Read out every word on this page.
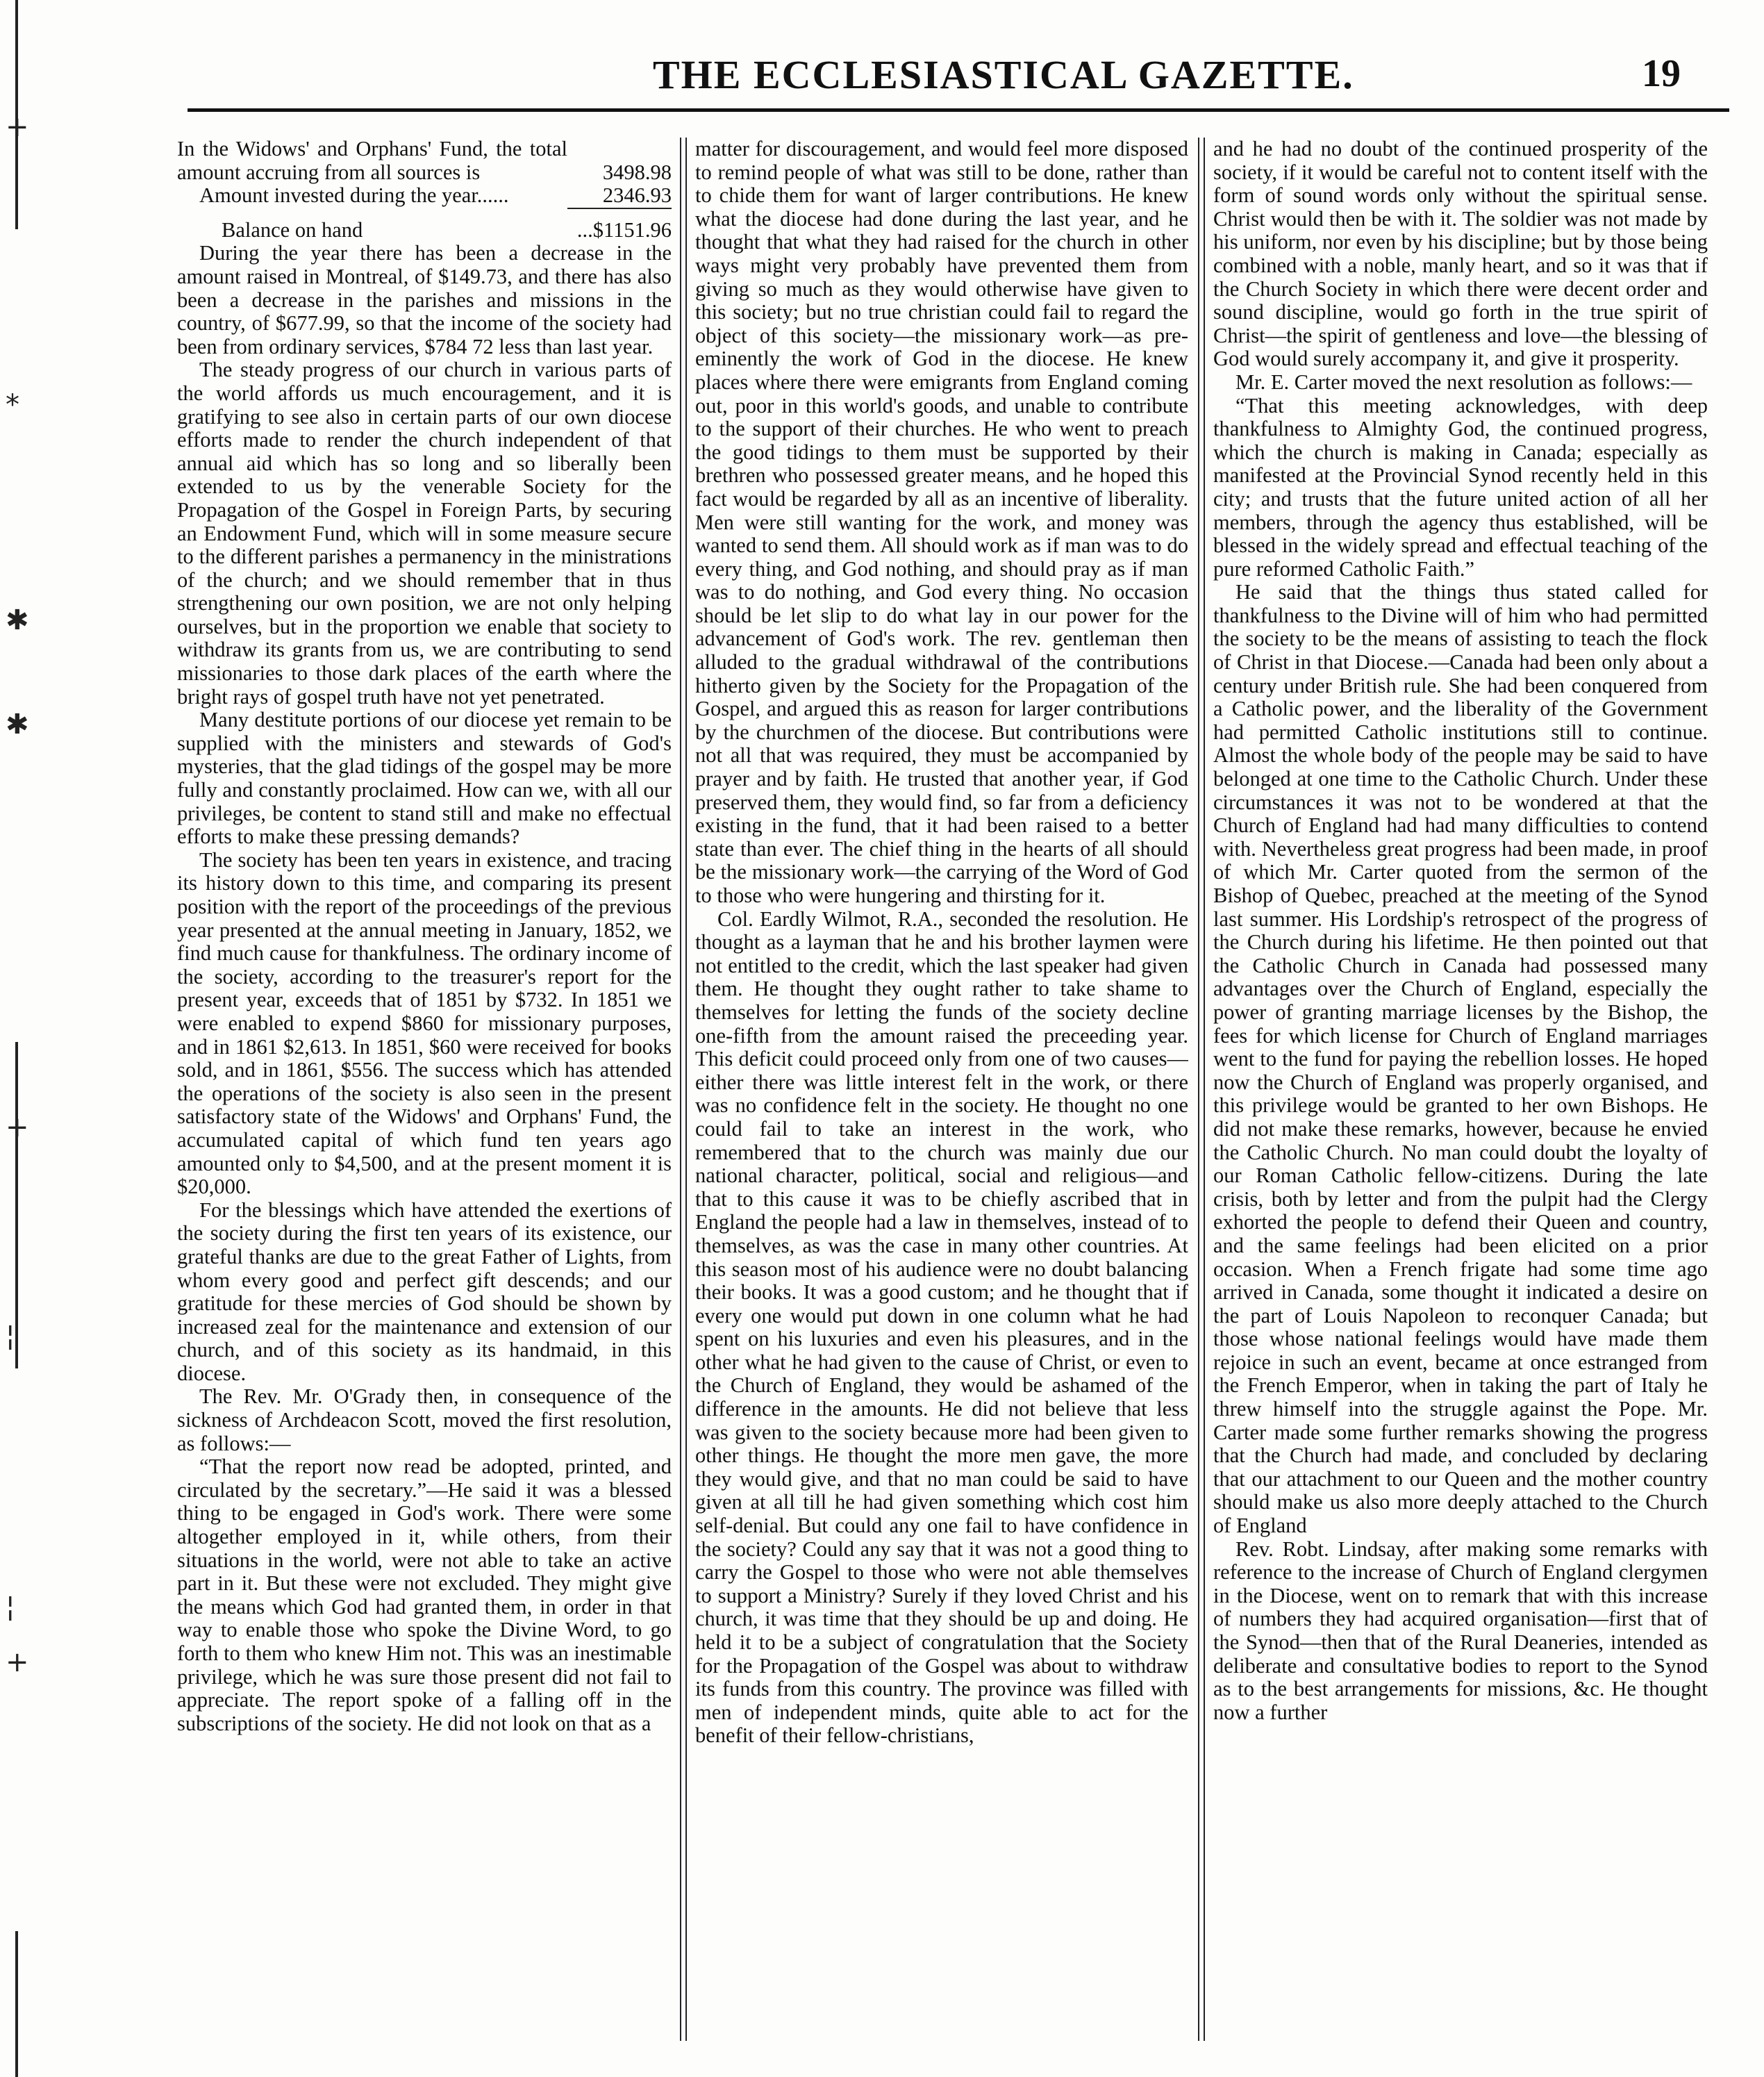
+
*
✱
✱
+
¦
¦
+
THE ECCLESIASTICAL GAZETTE.	19
In the Widows' and Orphans' Fund, the total amount accruing from all sources is	3498.98
Amount invested during the year......	2346.93

Balance on hand	...$1151.96

During the year there has been a decrease in the amount raised in Montreal, of $149.73, and there has also been a decrease in the parishes and missions in the country, of $677.99, so that the income of the society had been from ordinary services, $784 72 less than last year.

The steady progress of our church in various parts of the world affords us much encouragement, and it is gratifying to see also in certain parts of our own diocese efforts made to render the church independent of that annual aid which has so long and so liberally been extended to us by the venerable Society for the Propagation of the Gospel in Foreign Parts, by securing an Endowment Fund, which will in some measure secure to the different parishes a permanency in the ministrations of the church; and we should remember that in thus strengthening our own position, we are not only helping ourselves, but in the proportion we enable that society to withdraw its grants from us, we are contributing to send missionaries to those dark places of the earth where the bright rays of gospel truth have not yet penetrated.

Many destitute portions of our diocese yet remain to be supplied with the ministers and stewards of God's mysteries, that the glad tidings of the gospel may be more fully and constantly proclaimed. How can we, with all our privileges, be content to stand still and make no effectual efforts to make these pressing demands?

The society has been ten years in existence, and tracing its history down to this time, and comparing its present position with the report of the proceedings of the previous year presented at the annual meeting in January, 1852, we find much cause for thankfulness. The ordinary income of the society, according to the treasurer's report for the present year, exceeds that of 1851 by $732. In 1851 we were enabled to expend $860 for missionary purposes, and in 1861 $2,613. In 1851, $60 were received for books sold, and in 1861, $556. The success which has attended the operations of the society is also seen in the present satisfactory state of the Widows' and Orphans' Fund, the accumulated capital of which fund ten years ago amounted only to $4,500, and at the present moment it is $20,000.

For the blessings which have attended the exertions of the society during the first ten years of its existence, our grateful thanks are due to the great Father of Lights, from whom every good and perfect gift descends; and our gratitude for these mercies of God should be shown by increased zeal for the maintenance and extension of our church, and of this society as its handmaid, in this diocese.

The Rev. Mr. O'Grady then, in consequence of the sickness of Archdeacon Scott, moved the first resolution, as follows:—

“That the report now read be adopted, printed, and circulated by the secretary.”—He said it was a blessed thing to be engaged in God's work. There were some altogether employed in it, while others, from their situations in the world, were not able to take an active part in it. But these were not excluded. They might give the means which God had granted them, in order in that way to enable those who spoke the Divine Word, to go forth to them who knew Him not. This was an inestimable privilege, which he was sure those present did not fail to appreciate. The report spoke of a falling off in the subscriptions of the society. He did not look on that as a

matter for discouragement, and would feel more disposed to remind people of what was still to be done, rather than to chide them for want of larger contributions. He knew what the diocese had done during the last year, and he thought that what they had raised for the church in other ways might very probably have prevented them from giving so much as they would otherwise have given to this society; but no true christian could fail to regard the object of this society—the missionary work—as pre-eminently the work of God in the diocese. He knew places where there were emigrants from England coming out, poor in this world's goods, and unable to contribute to the support of their churches. He who went to preach the good tidings to them must be supported by their brethren who possessed greater means, and he hoped this fact would be regarded by all as an incentive of liberality. Men were still wanting for the work, and money was wanted to send them. All should work as if man was to do every thing, and God nothing, and should pray as if man was to do nothing, and God every thing. No occasion should be let slip to do what lay in our power for the advancement of God's work. The rev. gentleman then alluded to the gradual withdrawal of the contributions hitherto given by the Society for the Propagation of the Gospel, and argued this as reason for larger contributions by the churchmen of the diocese. But contributions were not all that was required, they must be accompanied by prayer and by faith. He trusted that another year, if God preserved them, they would find, so far from a deficiency existing in the fund, that it had been raised to a better state than ever. The chief thing in the hearts of all should be the missionary work—the carrying of the Word of God to those who were hungering and thirsting for it.

Col. Eardly Wilmot, R.A., seconded the resolution. He thought as a layman that he and his brother laymen were not entitled to the credit, which the last speaker had given them. He thought they ought rather to take shame to themselves for letting the funds of the society decline one-fifth from the amount raised the preceeding year. This deficit could proceed only from one of two causes—either there was little interest felt in the work, or there was no confidence felt in the society. He thought no one could fail to take an interest in the work, who remembered that to the church was mainly due our national character, political, social and religious—and that to this cause it was to be chiefly ascribed that in England the people had a law in themselves, instead of to themselves, as was the case in many other countries. At this season most of his audience were no doubt balancing their books. It was a good custom; and he thought that if every one would put down in one column what he had spent on his luxuries and even his pleasures, and in the other what he had given to the cause of Christ, or even to the Church of England, they would be ashamed of the difference in the amounts. He did not believe that less was given to the society because more had been given to other things. He thought the more men gave, the more they would give, and that no man could be said to have given at all till he had given something which cost him self-denial. But could any one fail to have confidence in the society? Could any say that it was not a good thing to carry the Gospel to those who were not able themselves to support a Ministry? Surely if they loved Christ and his church, it was time that they should be up and doing. He held it to be a subject of congratulation that the Society for the Propagation of the Gospel was about to withdraw its funds from this country. The province was filled with men of independent minds, quite able to act for the benefit of their fellow-christians,

and he had no doubt of the continued prosperity of the society, if it would be careful not to content itself with the form of sound words only without the spiritual sense. Christ would then be with it. The soldier was not made by his uniform, nor even by his discipline; but by those being combined with a noble, manly heart, and so it was that if the Church Society in which there were decent order and sound discipline, would go forth in the true spirit of Christ—the spirit of gentleness and love—the blessing of God would surely accompany it, and give it prosperity.

Mr. E. Carter moved the next resolution as follows:—

“That this meeting acknowledges, with deep thankfulness to Almighty God, the continued progress, which the church is making in Canada; especially as manifested at the Provincial Synod recently held in this city; and trusts that the future united action of all her members, through the agency thus established, will be blessed in the widely spread and effectual teaching of the pure reformed Catholic Faith.”

He said that the things thus stated called for thankfulness to the Divine will of him who had permitted the society to be the means of assisting to teach the flock of Christ in that Diocese.—Canada had been only about a century under British rule. She had been conquered from a Catholic power, and the liberality of the Government had permitted Catholic institutions still to continue. Almost the whole body of the people may be said to have belonged at one time to the Catholic Church. Under these circumstances it was not to be wondered at that the Church of England had had many difficulties to contend with. Nevertheless great progress had been made, in proof of which Mr. Carter quoted from the sermon of the Bishop of Quebec, preached at the meeting of the Synod last summer. His Lordship's retrospect of the progress of the Church during his lifetime. He then pointed out that the Catholic Church in Canada had possessed many advantages over the Church of England, especially the power of granting marriage licenses by the Bishop, the fees for which license for Church of England marriages went to the fund for paying the rebellion losses. He hoped now the Church of England was properly organised, and this privilege would be granted to her own Bishops. He did not make these remarks, however, because he envied the Catholic Church. No man could doubt the loyalty of our Roman Catholic fellow-citizens. During the late crisis, both by letter and from the pulpit had the Clergy exhorted the people to defend their Queen and country, and the same feelings had been elicited on a prior occasion. When a French frigate had some time ago arrived in Canada, some thought it indicated a desire on the part of Louis Napoleon to reconquer Canada; but those whose national feelings would have made them rejoice in such an event, became at once estranged from the French Emperor, when in taking the part of Italy he threw himself into the struggle against the Pope. Mr. Carter made some further remarks showing the progress that the Church had made, and concluded by declaring that our attachment to our Queen and the mother country should make us also more deeply attached to the Church of England

Rev. Robt. Lindsay, after making some remarks with reference to the increase of Church of England clergymen in the Diocese, went on to remark that with this increase of numbers they had acquired organisation—first that of the Synod—then that of the Rural Deaneries, intended as deliberate and consultative bodies to report to the Synod as to the best arrangements for missions, &c. He thought now a further
